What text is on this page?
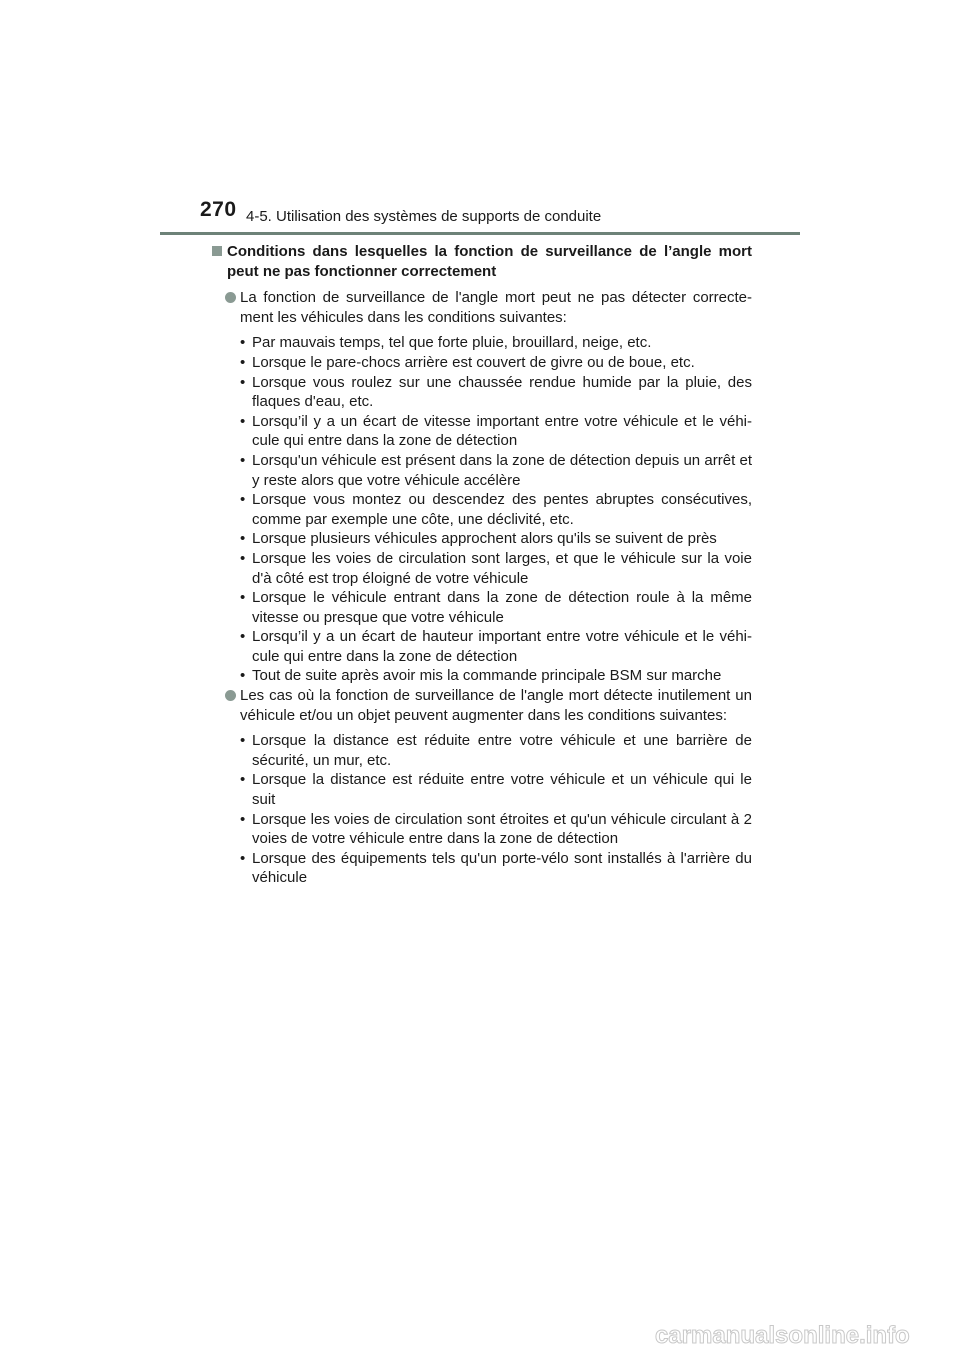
270 4-5. Utilisation des systèmes de supports de conduite
Conditions dans lesquelles la fonction de surveillance de l’angle mort peut ne pas fonctionner correctement
La fonction de surveillance de l'angle mort peut ne pas détecter correcte-ment les véhicules dans les conditions suivantes:
• Par mauvais temps, tel que forte pluie, brouillard, neige, etc.
• Lorsque le pare-chocs arrière est couvert de givre ou de boue, etc.
• Lorsque vous roulez sur une chaussée rendue humide par la pluie, des flaques d'eau, etc.
• Lorsqu’il y a un écart de vitesse important entre votre véhicule et le véhi-cule qui entre dans la zone de détection
• Lorsqu'un véhicule est présent dans la zone de détection depuis un arrêt et y reste alors que votre véhicule accélère
• Lorsque vous montez ou descendez des pentes abruptes consécutives, comme par exemple une côte, une déclivité, etc.
• Lorsque plusieurs véhicules approchent alors qu'ils se suivent de près
• Lorsque les voies de circulation sont larges, et que le véhicule sur la voie d'à côté est trop éloigné de votre véhicule
• Lorsque le véhicule entrant dans la zone de détection roule à la même vitesse ou presque que votre véhicule
• Lorsqu’il y a un écart de hauteur important entre votre véhicule et le véhi-cule qui entre dans la zone de détection
• Tout de suite après avoir mis la commande principale BSM sur marche
Les cas où la fonction de surveillance de l'angle mort détecte inutilement un véhicule et/ou un objet peuvent augmenter dans les conditions suivantes:
• Lorsque la distance est réduite entre votre véhicule et une barrière de sécurité, un mur, etc.
• Lorsque la distance est réduite entre votre véhicule et un véhicule qui le suit
• Lorsque les voies de circulation sont étroites et qu'un véhicule circulant à 2 voies de votre véhicule entre dans la zone de détection
• Lorsque des équipements tels qu'un porte-vélo sont installés à l'arrière du véhicule
carmanualsonline.info
